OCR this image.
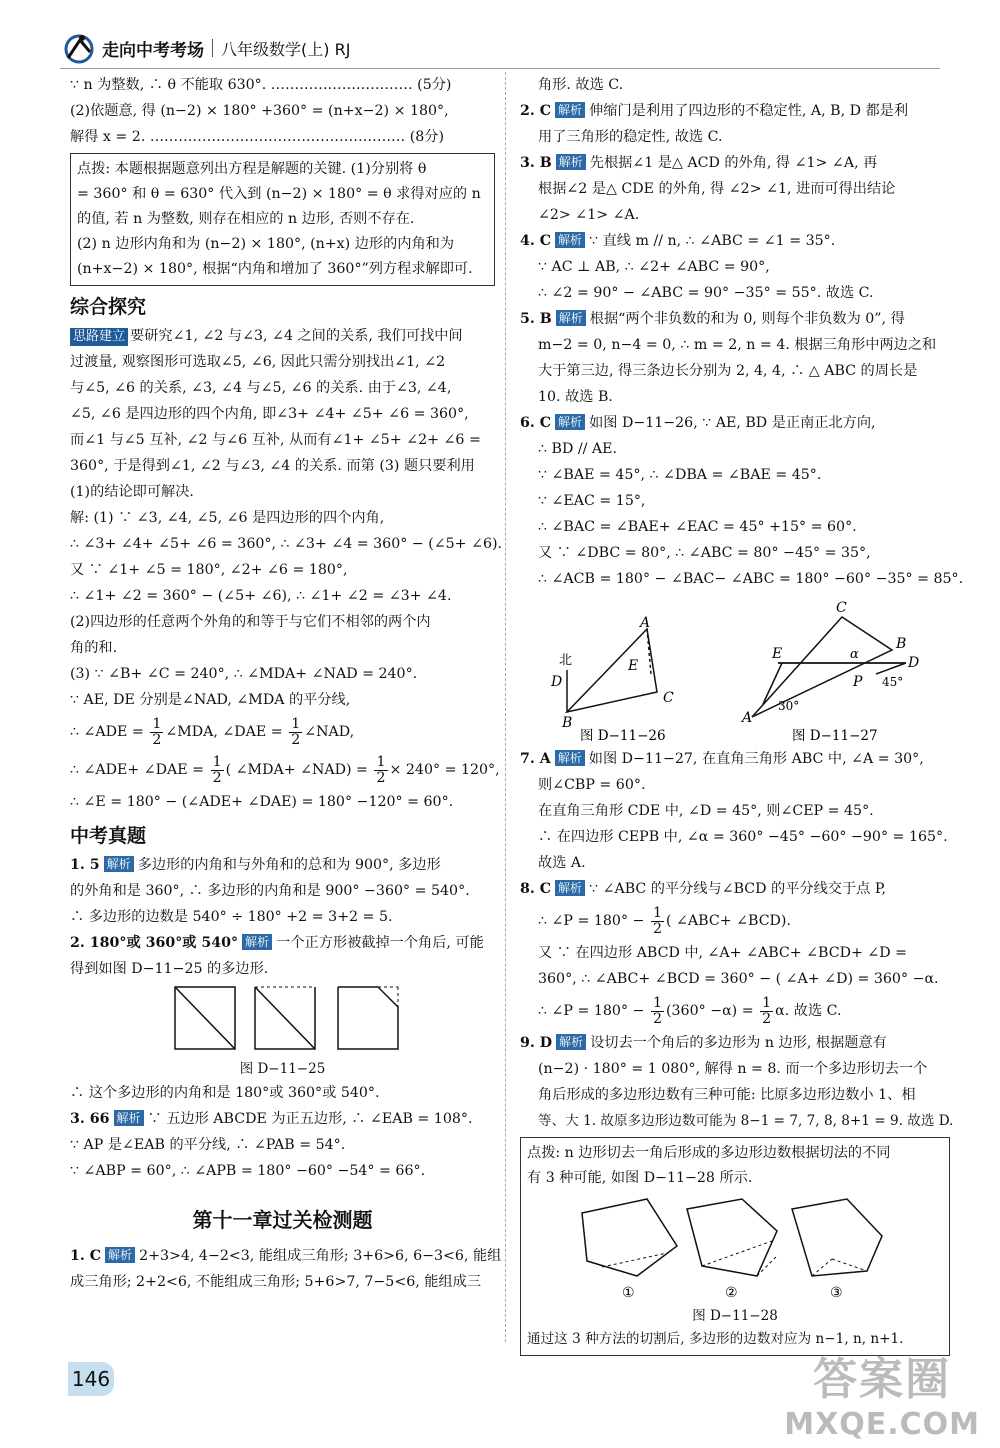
走向中考考场 八年级数学(上) RJ
∵ n 为整数, ∴ θ 不能取 630°. ………………………… (5分)
(2)依题意, 得 (n−2) × 180° +360° = (n+x−2) × 180°,
解得 x = 2. ……………………………………………… (8分)
点拨: 本题根据题意列出方程是解题的关键. (1)分别将 θ
= 360° 和 θ = 630° 代入到 (n−2) × 180° = θ 求得对应的 n
的值, 若 n 为整数, 则存在相应的 n 边形, 否则不存在.
(2) n 边形内角和为 (n−2) × 180°, (n+x) 边形的内角和为
(n+x−2) × 180°, 根据“内角和增加了 360°”列方程求解即可.
综合探究
思路建立 要研究∠1, ∠2 与∠3, ∠4 之间的关系, 我们可找中间
过渡量, 观察图形可选取∠5, ∠6, 因此只需分别找出∠1, ∠2
与∠5, ∠6 的关系, ∠3, ∠4 与∠5, ∠6 的关系. 由于∠3, ∠4,
∠5, ∠6 是四边形的四个内角, 即∠3+ ∠4+ ∠5+ ∠6 = 360°,
而∠1 与∠5 互补, ∠2 与∠6 互补, 从而有∠1+ ∠5+ ∠2+ ∠6 =
360°, 于是得到∠1, ∠2 与∠3, ∠4 的关系. 而第 (3) 题只要利用
(1)的结论即可解决.
解: (1) ∵ ∠3, ∠4, ∠5, ∠6 是四边形的四个内角,
∴ ∠3+ ∠4+ ∠5+ ∠6 = 360°, ∴ ∠3+ ∠4 = 360° − (∠5+ ∠6).
又 ∵ ∠1+ ∠5 = 180°, ∠2+ ∠6 = 180°,
∴ ∠1+ ∠2 = 360° − (∠5+ ∠6), ∴ ∠1+ ∠2 = ∠3+ ∠4.
(2)四边形的任意两个外角的和等于与它们不相邻的两个内
角的和.
(3) ∵ ∠B+ ∠C = 240°, ∴ ∠MDA+ ∠NAD = 240°.
∵ AE, DE 分别是∠NAD, ∠MDA 的平分线,
∴ ∠ADE = $\frac{1}{2}$ ∠MDA, ∠DAE = $\frac{1}{2}$ ∠NAD,
∴ ∠ADE+ ∠DAE = $\frac{1}{2}$ ( ∠MDA+ ∠NAD) = $\frac{1}{2} \times 240^\circ = 120^\circ$,
∴ ∠E = 180° − (∠ADE+ ∠DAE) = 180° −120° = 60°.
中考真题
1. 5 解析 多边形的内角和与外角和的总和为 900°, 多边形
的外角和是 360°, ∴ 多边形的内角和是 900° −360° = 540°.
∴ 多边形的边数是 540° ÷ 180° +2 = 3+2 = 5.
2. 180°或 360°或 540° 解析 一个正方形被截掉一个角后, 可能
得到如图 D−11−25 的多边形.
图 D−11−25
∴ 这个多边形的内角和是 180°或 360°或 540°.
3. 66 解析 ∵ 五边形 ABCDE 为正五边形, ∴ ∠EAB = 108°.
∵ AP 是∠EAB 的平分线, ∴ ∠PAB = 54°.
∵ ∠ABP = 60°, ∴ ∠APB = 180° −60° −54° = 66°.
第十一章过关检测题
1. C 解析 2+3>4, 4−2<3, 能组成三角形; 3+6>6, 6−3<6, 能组
成三角形; 2+2<6, 不能组成三角形; 5+6>7, 7−5<6, 能组成三
角形. 故选 C.
2. C 解析 伸缩门是利用了四边形的不稳定性, A, B, D 都是利
用了三角形的稳定性, 故选 C.
3. B 解析 先根据∠1 是△ ACD 的外角, 得 ∠1> ∠A, 再
根据∠2 是△ CDE 的外角, 得 ∠2> ∠1, 进而可得出结论
∠2> ∠1> ∠A.
4. C 解析 ∵ 直线 m // n, ∴ ∠ABC = ∠1 = 35°.
∵ AC ⊥ AB, ∴ ∠2+ ∠ABC = 90°,
∴ ∠2 = 90° − ∠ABC = 90° −35° = 55°. 故选 C.
5. B 解析 根据“两个非负数的和为 0, 则每个非负数为 0”, 得
m−2 = 0, n−4 = 0, ∴ m = 2, n = 4. 根据三角形中两边之和
大于第三边, 得三条边长分别为 2, 4, 4, ∴ △ ABC 的周长是
10. 故选 B.
6. C 解析 如图 D−11−26, ∵ AE, BD 是正南正北方向,
∴ BD // AE.
∵ ∠BAE = 45°, ∴ ∠DBA = ∠BAE = 45°.
∵ ∠EAC = 15°,
∴ ∠BAC = ∠BAE+ ∠EAC = 45° +15° = 60°.
又 ∵ ∠DBC = 80°, ∴ ∠ABC = 80° −45° = 35°,
∴ ∠ACB = 180° − ∠BAC− ∠ABC = 180° −60° −35° = 85°.
北
A
D
E
B
C
图 D−11−26
C
E
B
D
A
P
α
30°
45°
图 D−11−27
7. A 解析 如图 D−11−27, 在直角三角形 ABC 中, ∠A = 30°,
则∠CBP = 60°.
在直角三角形 CDE 中, ∠D = 45°, 则∠CEP = 45°.
∴ 在四边形 CEPB 中, ∠α = 360° −45° −60° −90° = 165°.
故选 A.
8. C 解析 ∵ ∠ABC 的平分线与∠BCD 的平分线交于点 P,
∴ ∠P = $180^\circ - \frac{1}{2}$ ( ∠ABC+ ∠BCD).
又 ∵ 在四边形 ABCD 中, ∠A+ ∠ABC+ ∠BCD+ ∠D =
360°, ∴ ∠ABC+ ∠BCD = 360° − ( ∠A+ ∠D) = 360° −α.
∴ ∠P = $180^\circ - \frac{1}{2} (360^\circ -\alpha) = \frac{1}{2} \alpha$. 故选 C.
9. D 解析 设切去一个角后的多边形为 n 边形, 根据题意有
(n−2) · 180° = 1 080°, 解得 n = 8. 而一个多边形切去一个
角后形成的多边形边数有三种可能: 比原多边形边数小 1、相
等、大 1. 故原多边形边数可能为 8−1 = 7, 7, 8, 8+1 = 9. 故选 D.
点拨: n 边形切去一角后形成的多边形边数根据切法的不同
有 3 种可能, 如图 D−11−28 所示.
①	②	③
图 D−11−28
通过这 3 种方法的切割后, 多边形的边数对应为 n−1, n, n+1.
146	答案圈
MXQE.COM
